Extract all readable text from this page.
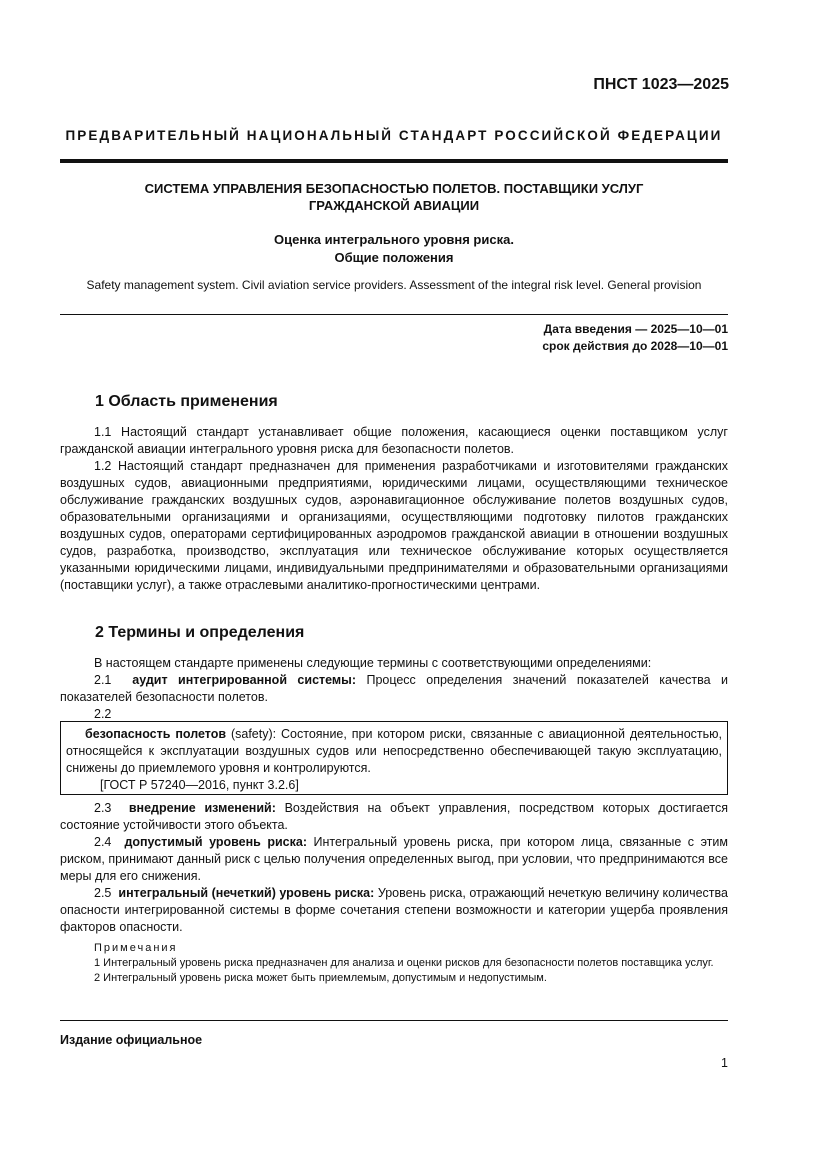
ПНСТ 1023—2025
ПРЕДВАРИТЕЛЬНЫЙ НАЦИОНАЛЬНЫЙ СТАНДАРТ РОССИЙСКОЙ ФЕДЕРАЦИИ
СИСТЕМА УПРАВЛЕНИЯ БЕЗОПАСНОСТЬЮ ПОЛЕТОВ. ПОСТАВЩИКИ УСЛУГ
ГРАЖДАНСКОЙ АВИАЦИИ
Оценка интегрального уровня риска.
Общие положения
Safety management system. Civil aviation service providers. Assessment of the integral risk level. General provision
Дата введения — 2025—10—01
срок действия до 2028—10—01
1 Область применения

1.1 Настоящий стандарт устанавливает общие положения, касающиеся оценки поставщиком услуг гражданской авиации интегрального уровня риска для безопасности полетов.

1.2 Настоящий стандарт предназначен для применения разработчиками и изготовителями гражданских воздушных судов, авиационными предприятиями, юридическими лицами, осуществляющими техническое обслуживание гражданских воздушных судов, аэронавигационное обслуживание полетов воздушных судов, образовательными организациями и организациями, осуществляющими подготовку пилотов гражданских воздушных судов, операторами сертифицированных аэродромов гражданской авиации в отношении воздушных судов, разработка, производство, эксплуатация или техническое обслуживание которых осуществляется указанными юридическими лицами, индивидуальными предпринимателями и образовательными организациями (поставщики услуг), а также отраслевыми аналитико-прогностическими центрами.

2 Термины и определения

В настоящем стандарте применены следующие термины с соответствующими определениями:

2.1 аудит интегрированной системы: Процесс определения значений показателей качества и показателей безопасности полетов.

2.2

безопасность полетов (safety): Состояние, при котором риски, связанные с авиационной деятельностью, относящейся к эксплуатации воздушных судов или непосредственно обеспечивающей такую эксплуатацию, снижены до приемлемого уровня и контролируются.

[ГОСТ Р 57240—2016, пункт 3.2.6]

2.3 внедрение изменений: Воздействия на объект управления, посредством которых достигается состояние устойчивости этого объекта.

2.4 допустимый уровень риска: Интегральный уровень риска, при котором лица, связанные с этим риском, принимают данный риск с целью получения определенных выгод, при условии, что предпринимаются все меры для его снижения.

2.5 интегральный (нечеткий) уровень риска: Уровень риска, отражающий нечеткую величину количества опасности интегрированной системы в форме сочетания степени возможности и категории ущерба проявления факторов опасности.

Примечания

1 Интегральный уровень риска предназначен для анализа и оценки рисков для безопасности полетов поставщика услуг.

2 Интегральный уровень риска может быть приемлемым, допустимым и недопустимым.

Издание официальное
1
